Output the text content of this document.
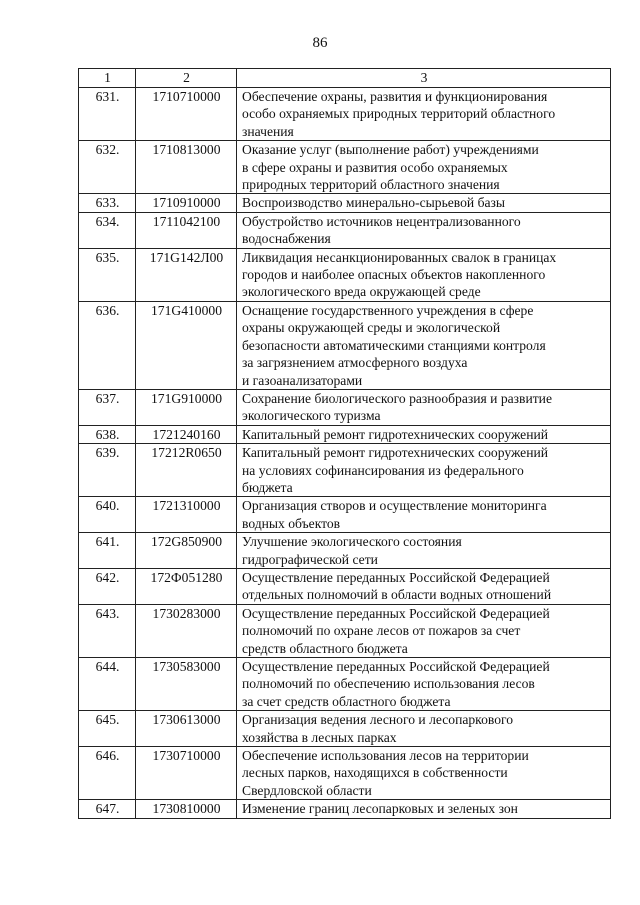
86
1	2	3
631.	1710710000	Обеспечение охраны, развития и функционирования
особо охраняемых природных территорий областного
значения
632.	1710813000	Оказание услуг (выполнение работ) учреждениями
в сфере охраны и развития особо охраняемых
природных территорий областного значения
633.	1710910000	Воспроизводство минерально-сырьевой базы
634.	1711042100	Обустройство источников нецентрализованного
водоснабжения
635.	171G142Л00	Ликвидация несанкционированных свалок в границах
городов и наиболее опасных объектов накопленного
экологического вреда окружающей среде
636.	171G410000	Оснащение государственного учреждения в сфере
охраны окружающей среды и экологической
безопасности автоматическими станциями контроля
за загрязнением атмосферного воздуха
и газоанализаторами
637.	171G910000	Сохранение биологического разнообразия и развитие
экологического туризма
638.	1721240160	Капитальный ремонт гидротехнических сооружений
639.	17212R0650	Капитальный ремонт гидротехнических сооружений
на условиях софинансирования из федерального
бюджета
640.	1721310000	Организация створов и осуществление мониторинга
водных объектов
641.	172G850900	Улучшение экологического состояния
гидрографической сети
642.	172Ф051280	Осуществление переданных Российской Федерацией
отдельных полномочий в области водных отношений
643.	1730283000	Осуществление переданных Российской Федерацией
полномочий по охране лесов от пожаров за счет
средств областного бюджета
644.	1730583000	Осуществление переданных Российской Федерацией
полномочий по обеспечению использования лесов
за счет средств областного бюджета
645.	1730613000	Организация ведения лесного и лесопаркового
хозяйства в лесных парках
646.	1730710000	Обеспечение использования лесов на территории
лесных парков, находящихся в собственности
Свердловской области
647.	1730810000	Изменение границ лесопарковых и зеленых зон
